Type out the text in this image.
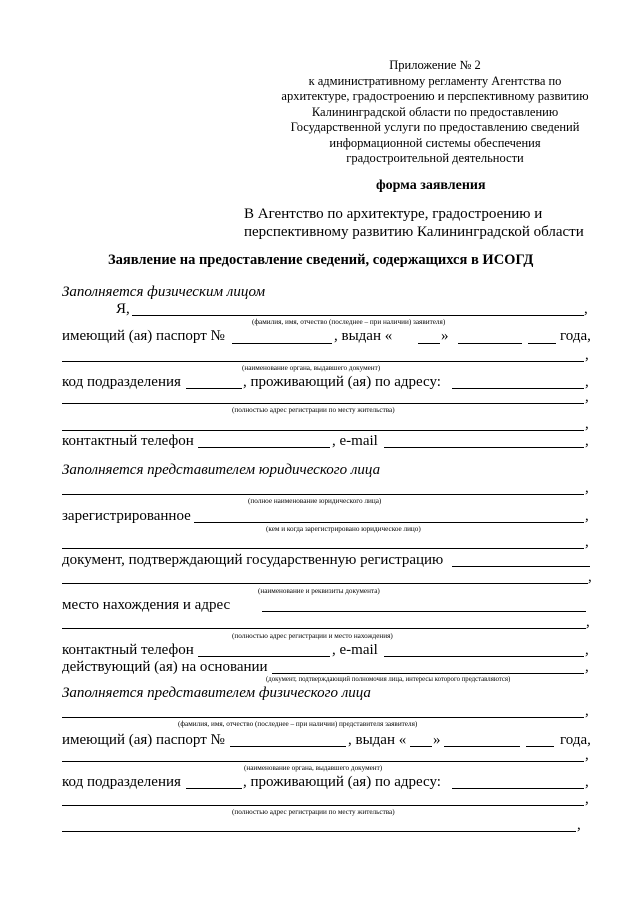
Приложение № 2
к административному регламенту Агентства по
архитектуре, градостроению и перспективному развитию
Калининградской области по предоставлению
Государственной услуги по предоставлению сведений
информационной системы обеспечения
градостроительной деятельности
форма заявления
В Агентство по архитектуре, градостроению и
перспективному развитию Калининградской области
Заявление на предоставление сведений, содержащихся в ИСОГД
Заполняется физическим лицом
Я,	,
(фамилия, имя, отчество (последнее – при наличии) заявителя)
имеющий (ая) паспорт №	, выдан «	»	года,
,
(наименование органа, выдавшего документ)
код подразделения	, проживающий (ая) по адресу:	,
,
(полностью адрес регистрации по месту жительства)
,
контактный телефон	, e-mail	,
Заполняется представителем юридического лица
,
(полное наименование юридического лица)
зарегистрированное	,
(кем и когда зарегистрировано юридическое лицо)
,
документ, подтверждающий государственную регистрацию
,
(наименование и реквизиты документа)
место нахождения и адрес
,
(полностью адрес регистрации и место нахождения)
контактный телефон	, e-mail	,
действующий (ая) на основании	,
(документ, подтверждающий полномочия лица, интересы которого представляются)
Заполняется представителем физического лица
,
(фамилия, имя, отчество (последнее – при наличии) представителя заявителя)
имеющий (ая) паспорт №	, выдан « »	года,
,
(наименование органа, выдавшего документ)
код подразделения	, проживающий (ая) по адресу:	,
,
(полностью адрес регистрации по месту жительства)
,
